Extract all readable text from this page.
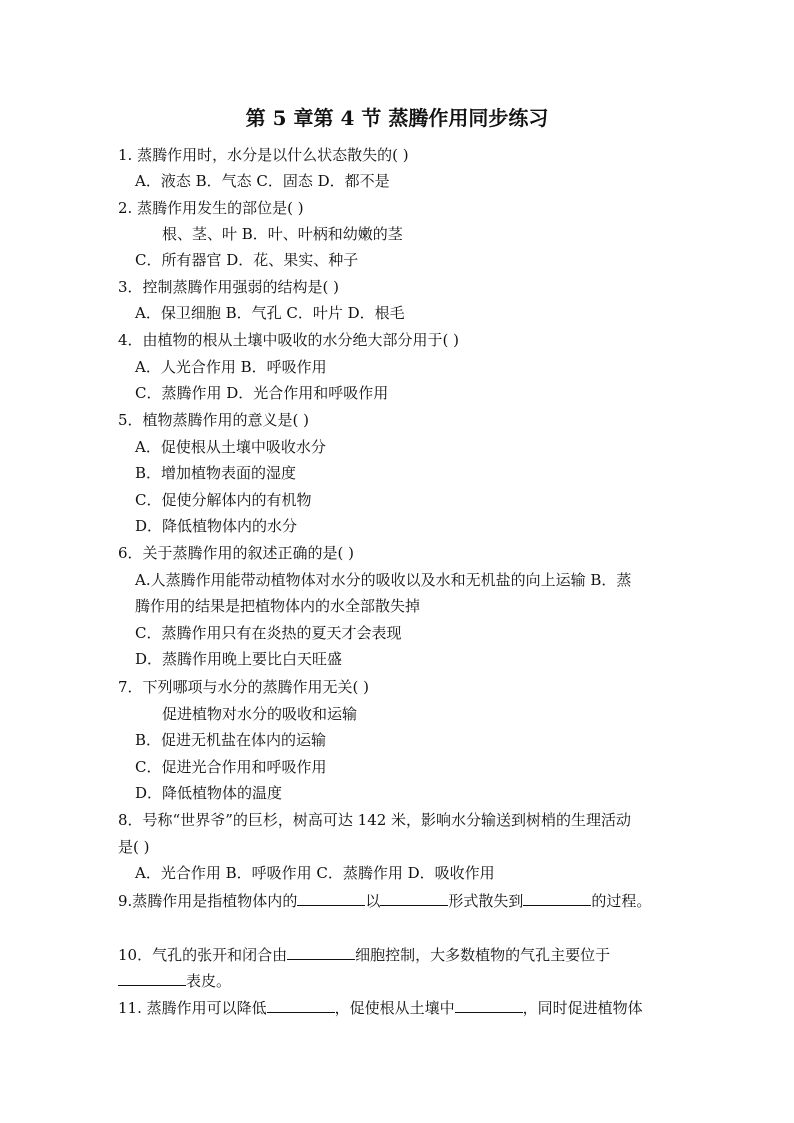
第 5 章第 4 节 蒸腾作用同步练习
1. 蒸腾作用时，水分是以什么状态散失的( )
A．液态 B．气态 C．固态 D．都不是
2. 蒸腾作用发生的部位是( )
根、茎、叶 B．叶、叶柄和幼嫩的茎
C．所有器官 D．花、果实、种子
3．控制蒸腾作用强弱的结构是( )
A．保卫细胞 B．气孔 C．叶片 D．根毛
4．由植物的根从土壤中吸收的水分绝大部分用于( )
A．人光合作用 B．呼吸作用
C．蒸腾作用 D．光合作用和呼吸作用
5．植物蒸腾作用的意义是( )
A．促使根从土壤中吸收水分
B．增加植物表面的湿度
C．促使分解体内的有机物
D．降低植物体内的水分
6．关于蒸腾作用的叙述正确的是( )
A.人蒸腾作用能带动植物体对水分的吸收以及水和无机盐的向上运输 B．蒸
腾作用的结果是把植物体内的水全部散失掉
C．蒸腾作用只有在炎热的夏天才会表现
D．蒸腾作用晚上要比白天旺盛
7．下列哪项与水分的蒸腾作用无关( )
促进植物对水分的吸收和运输
B．促进无机盐在体内的运输
C．促进光合作用和呼吸作用
D．降低植物体的温度
8．号称“世界爷”的巨杉，树高可达 142 米，影响水分输送到树梢的生理活动
是( )
A．光合作用 B．呼吸作用 C．蒸腾作用 D．吸收作用
9.蒸腾作用是指植物体内的	以	形式散失到	的过程。
10．气孔的张开和闭合由	细胞控制，大多数植物的气孔主要位于
表皮。
11. 蒸腾作用可以降低	，促使根从土壤中	，同时促进植物体
